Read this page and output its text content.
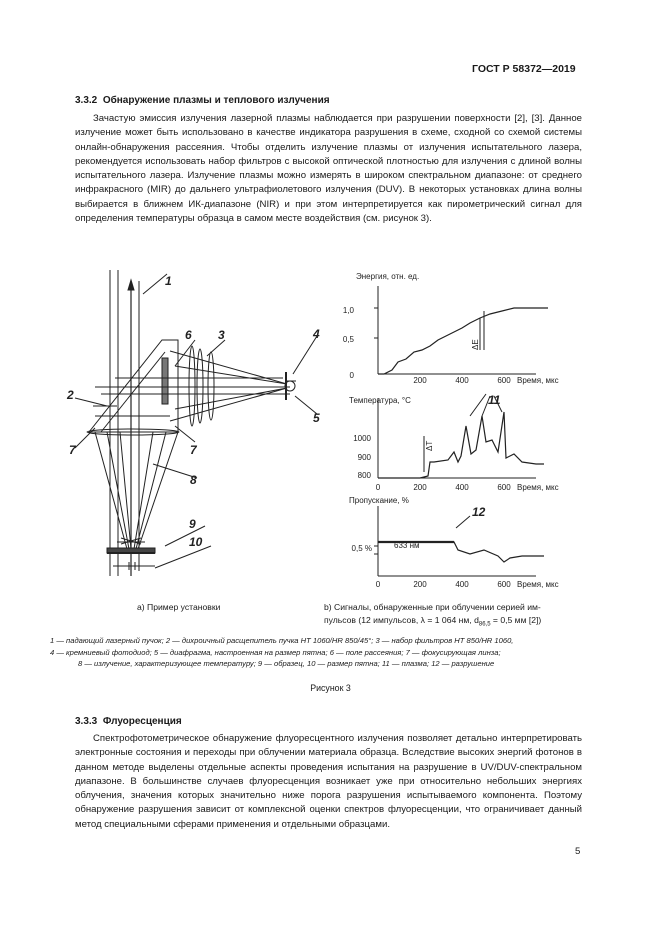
ГОСТ Р 58372—2019
3.3.2 Обнаружение плазмы и теплового излучения
Зачастую эмиссия излучения лазерной плазмы наблюдается при разрушении поверхности [2], [3]. Данное излучение может быть использовано в качестве индикатора разрушения в схеме, сходной со схемой системы онлайн-обнаружения рассеяния. Чтобы отделить излучение плазмы от излучения испытательного лазера, рекомендуется использовать набор фильтров с высокой оптической плотностью для излучения с длиной волны испытательного лазера. Излучение плазмы можно измерять в широком спектральном диапазоне: от среднего инфракрасного (MIR) до дальнего ультрафиолетового излучения (DUV). В некоторых установках длина волны выбирается в ближнем ИК-диапазоне (NIR) и при этом интерпретируется как пирометрический сигнал для определения температуры образца в самом месте воздействия (см. рисунок 3).
1
2
3	4
5
6
7	7
8
9
10
Энергия, отн. ед.
1,0
0,5
0
200	400	600 Время, мкс
ΔE
Температура, °С
1000
900
800
0	200	400	600 Время, мкс
ΔT
Пропускание, %
0,5 %	633 нм
0	200	400	600 Время, мкс
11
12
а) Пример установки	b) Сигналы, обнаруженные при облучении серией им-
пульсов (12 импульсов, λ = 1 064 нм, $d_{86,5} = 0,5$ мм [2])
1 — падающий лазерный пучок; 2 — дихроичный расщепитель пучка HT 1060/HR 850/45°; 3 — набор фильтров HT 850/HR 1060,
4 — кремниевый фотодиод; 5 — диафрагма, настроенная на размер пятна; 6 — поле рассеяния; 7 — фокусирующая линза;
8 — излучение, характеризующее температуру; 9 — образец, 10 — размер пятна; 11 — плазма; 12 — разрушение
Рисунок 3
3.3.3 Флуоресценция
Спектрофотометрическое обнаружение флуоресцентного излучения позволяет детально интерпретировать электронные состояния и переходы при облучении материала образца. Вследствие высоких энергий фотонов в данном методе выделены отдельные аспекты проведения испытания на разрушение в UV/DUV-спектральном диапазоне. В большинстве случаев флуоресценция возникает уже при относительно небольших энергиях облучения, значения которых значительно ниже порога разрушения испытываемого компонента. Поэтому обнаружение разрушения зависит от комплексной оценки спектров флуоресценции, что ограничивает данный метод специальными сферами применения и отдельными образцами.
5
